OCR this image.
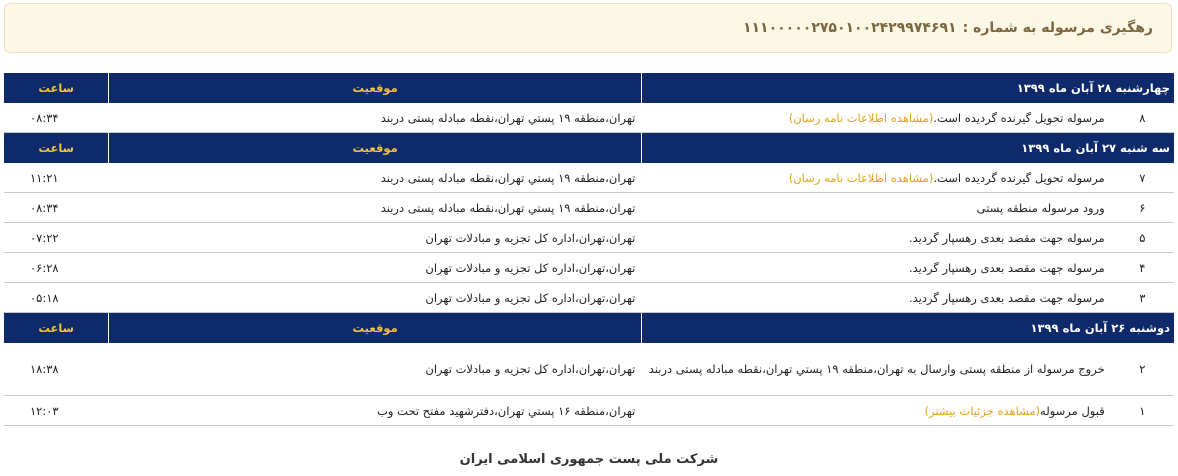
رهگیری مرسوله به شماره :
۱۱۱۰۰۰۰۰۲۷۵۰۱۰۰۲۴۲۹۹۷۴۶۹۱
چهارشنبه ۲۸ آبان ماه ۱۳۹۹		موقعیت	ساعت
۸	مرسوله تحویل گیرنده گردیده است.(مشاهده اطلاعات نامه رسان)	تهران،منطقه ۱۹ پستي تهران،نقطه مبادله پستی دربند	۰۸:۳۴
سه شنبه ۲۷ آبان ماه ۱۳۹۹		موقعیت	ساعت
۷	مرسوله تحویل گیرنده گردیده است.(مشاهده اطلاعات نامه رسان)	تهران،منطقه ۱۹ پستي تهران،نقطه مبادله پستی دربند	۱۱:۲۱
۶	ورود مرسوله منطقه پستی	تهران،منطقه ۱۹ پستي تهران،نقطه مبادله پستی دربند	۰۸:۳۴
۵	مرسوله جهت مقصد بعدی رهسپار گردید.	تهران،تهران،اداره کل تجزیه و مبادلات تهران	۰۷:۲۲
۴	مرسوله جهت مقصد بعدی رهسپار گردید.	تهران،تهران،اداره کل تجزیه و مبادلات تهران	۰۶:۲۸
۳	مرسوله جهت مقصد بعدی رهسپار گردید.	تهران،تهران،اداره کل تجزیه و مبادلات تهران	۰۵:۱۸
دوشنبه ۲۶ آبان ماه ۱۳۹۹		موقعیت	ساعت
۲	خروج مرسوله از منطقه پستی وارسال به تهران،منطقه ۱۹ پستي تهران،نقطه مبادله پستی دربند	تهران،تهران،اداره کل تجزیه و مبادلات تهران	۱۸:۳۸
۱	قبول مرسوله(مشاهده جزئیات بیشتر)	تهران،منطقه ۱۶ پستي تهران،دفترشهید مفتح تحت وب	۱۲:۰۳
شرکت ملی پست جمهوری اسلامی ایران
